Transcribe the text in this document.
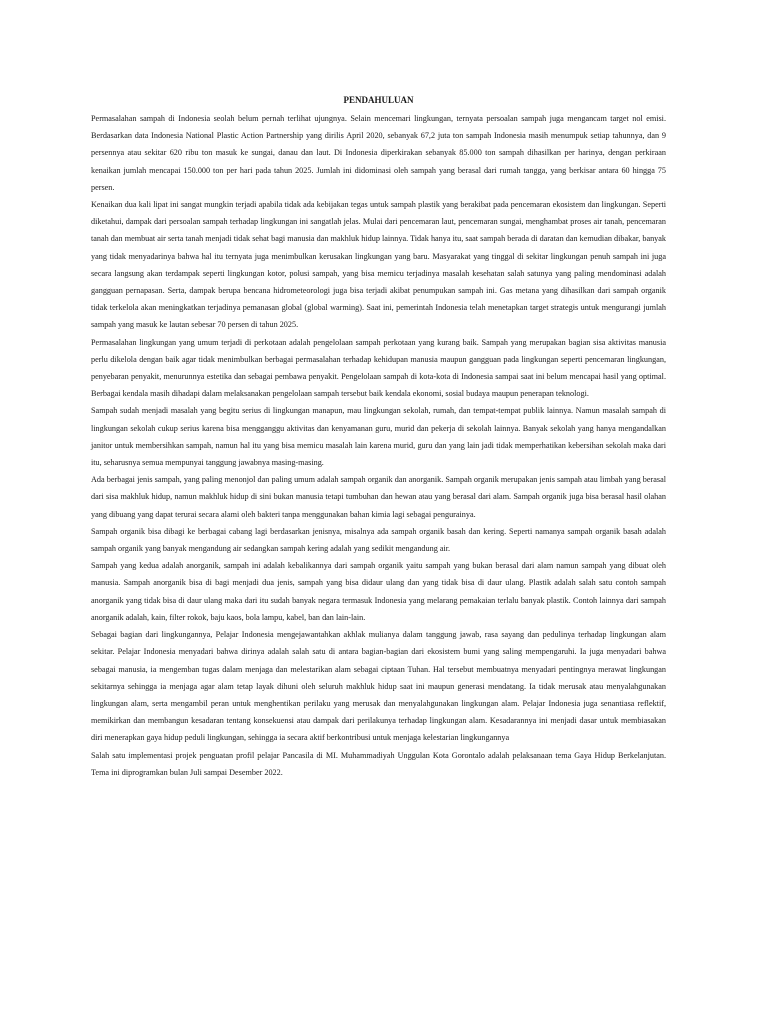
PENDAHULUAN

Permasalahan sampah di Indonesia seolah belum pernah terlihat ujungnya. Selain mencemari lingkungan, ternyata persoalan sampah juga mengancam target nol emisi. Berdasarkan data Indonesia National Plastic Action Partnership yang dirilis April 2020, sebanyak 67,2 juta ton sampah Indonesia masih menumpuk setiap tahunnya, dan 9 persennya atau sekitar 620 ribu ton masuk ke sungai, danau dan laut. Di Indonesia diperkirakan sebanyak 85.000 ton sampah dihasilkan per harinya, dengan perkiraan kenaikan jumlah mencapai 150.000 ton per hari pada tahun 2025. Jumlah ini didominasi oleh sampah yang berasal dari rumah tangga, yang berkisar antara 60 hingga 75 persen.

Kenaikan dua kali lipat ini sangat mungkin terjadi apabila tidak ada kebijakan tegas untuk sampah plastik yang berakibat pada pencemaran ekosistem dan lingkungan. Seperti diketahui, dampak dari persoalan sampah terhadap lingkungan ini sangatlah jelas. Mulai dari pencemaran laut, pencemaran sungai, menghambat proses air tanah, pencemaran tanah dan membuat air serta tanah menjadi tidak sehat bagi manusia dan makhluk hidup lainnya. Tidak hanya itu, saat sampah berada di daratan dan kemudian dibakar, banyak yang tidak menyadarinya bahwa hal itu ternyata juga menimbulkan kerusakan lingkungan yang baru. Masyarakat yang tinggal di sekitar lingkungan penuh sampah ini juga secara langsung akan terdampak seperti lingkungan kotor, polusi sampah, yang bisa memicu terjadinya masalah kesehatan salah satunya yang paling mendominasi adalah gangguan pernapasan. Serta, dampak berupa bencana hidrometeorologi juga bisa terjadi akibat penumpukan sampah ini. Gas metana yang dihasilkan dari sampah organik tidak terkelola akan meningkatkan terjadinya pemanasan global (global warming). Saat ini, pemerintah Indonesia telah menetapkan target strategis untuk mengurangi jumlah sampah yang masuk ke lautan sebesar 70 persen di tahun 2025.

Permasalahan lingkungan yang umum terjadi di perkotaan adalah pengelolaan sampah perkotaan yang kurang baik. Sampah yang merupakan bagian sisa aktivitas manusia perlu dikelola dengan baik agar tidak menimbulkan berbagai permasalahan terhadap kehidupan manusia maupun gangguan pada lingkungan seperti pencemaran lingkungan, penyebaran penyakit, menurunnya estetika dan sebagai pembawa penyakit. Pengelolaan sampah di kota-kota di Indonesia sampai saat ini belum mencapai hasil yang optimal. Berbagai kendala masih dihadapi dalam melaksanakan pengelolaan sampah tersebut baik kendala ekonomi, sosial budaya maupun penerapan teknologi.

Sampah sudah menjadi masalah yang begitu serius di lingkungan manapun, mau lingkungan sekolah, rumah, dan tempat-tempat publik lainnya. Namun masalah sampah di lingkungan sekolah cukup serius karena bisa mengganggu aktivitas dan kenyamanan guru, murid dan pekerja di sekolah lainnya. Banyak sekolah yang hanya mengandalkan janitor untuk membersihkan sampah, namun hal itu yang bisa memicu masalah lain karena murid, guru dan yang lain jadi tidak memperhatikan kebersihan sekolah maka dari itu, seharusnya semua mempunyai tanggung jawabnya masing-masing.

Ada berbagai jenis sampah, yang paling menonjol dan paling umum adalah sampah organik dan anorganik. Sampah organik merupakan jenis sampah atau limbah yang berasal dari sisa makhluk hidup, namun makhluk hidup di sini bukan manusia tetapi tumbuhan dan hewan atau yang berasal dari alam. Sampah organik juga bisa berasal hasil olahan yang dibuang yang dapat terurai secara alami oleh bakteri tanpa menggunakan bahan kimia lagi sebagai pengurainya.

Sampah organik bisa dibagi ke berbagai cabang lagi berdasarkan jenisnya, misalnya ada sampah organik basah dan kering. Seperti namanya sampah organik basah adalah sampah organik yang banyak mengandung air sedangkan sampah kering adalah yang sedikit mengandung air.

Sampah yang kedua adalah anorganik, sampah ini adalah kebalikannya dari sampah organik yaitu sampah yang bukan berasal dari alam namun sampah yang dibuat oleh manusia. Sampah anorganik bisa di bagi menjadi dua jenis, sampah yang bisa didaur ulang dan yang tidak bisa di daur ulang. Plastik adalah salah satu contoh sampah anorganik yang tidak bisa di daur ulang maka dari itu sudah banyak negara termasuk Indonesia yang melarang pemakaian terlalu banyak plastik. Contoh lainnya dari sampah anorganik adalah, kain, filter rokok, baju kaos, bola lampu, kabel, ban dan lain-lain.

Sebagai bagian dari lingkungannya, Pelajar Indonesia mengejawantahkan akhlak mulianya dalam tanggung jawab, rasa sayang dan pedulinya terhadap lingkungan alam sekitar. Pelajar Indonesia menyadari bahwa dirinya adalah salah satu di antara bagian-bagian dari ekosistem bumi yang saling mempengaruhi. Ia juga menyadari bahwa sebagai manusia, ia mengemban tugas dalam menjaga dan melestarikan alam sebagai ciptaan Tuhan. Hal tersebut membuatnya menyadari pentingnya merawat lingkungan sekitarnya sehingga ia menjaga agar alam tetap layak dihuni oleh seluruh makhluk hidup saat ini maupun generasi mendatang. Ia tidak merusak atau menyalahgunakan lingkungan alam, serta mengambil peran untuk menghentikan perilaku yang merusak dan menyalahgunakan lingkungan alam. Pelajar Indonesia juga senantiasa reflektif, memikirkan dan membangun kesadaran tentang konsekuensi atau dampak dari perilakunya terhadap lingkungan alam. Kesadarannya ini menjadi dasar untuk membiasakan diri menerapkan gaya hidup peduli lingkungan, sehingga ia secara aktif berkontribusi untuk menjaga kelestarian lingkungannya

Salah satu implementasi projek penguatan profil pelajar Pancasila di MI. Muhammadiyah Unggulan Kota Gorontalo adalah pelaksanaan tema Gaya Hidup Berkelanjutan. Tema ini diprogramkan bulan Juli sampai Desember 2022.
